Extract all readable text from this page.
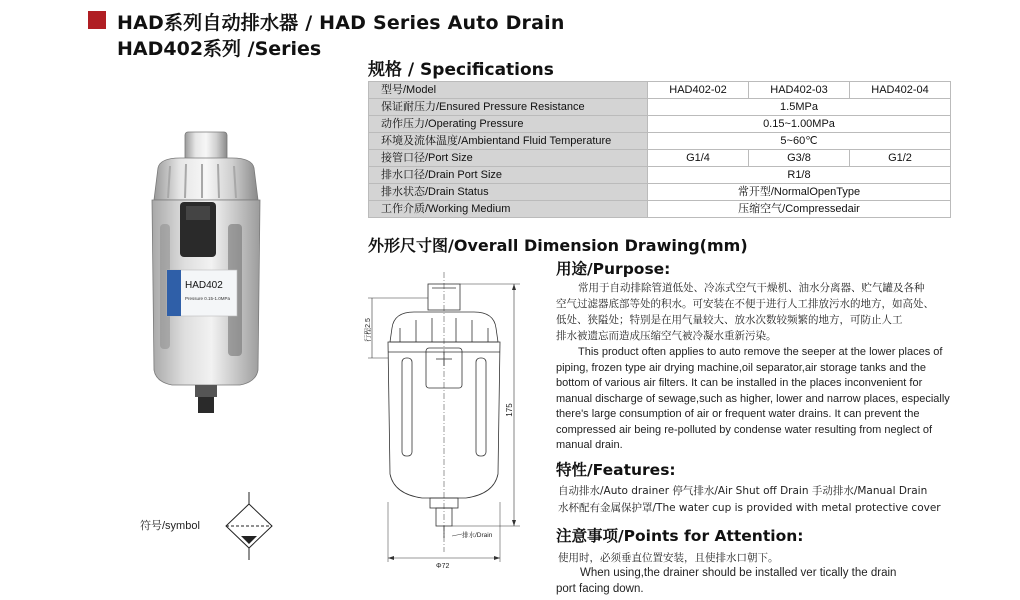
HAD系列自动排水器 / HAD Series Auto Drain
HAD402系列 /Series
HAD402
Pressure 0.15-1.0MPa
符号/symbol
规格 / Specifications
型号/Model	HAD402-02	HAD402-03	HAD402-04
保证耐压力/Ensured Pressure Resistance	1.5MPa		
动作压力/Operating Pressure	0.15~1.00MPa		
环境及流体温度/Ambientand Fluid Temperature	5~60℃		
接管口径/Port Size	G1/4	G3/8	G1/2
排水口径/Drain Port Size	R1/8		
排水状态/Drain Status	常开型/NormalOpenType		
工作介质/Working Medium	压缩空气/Compressedair		
外形尺寸图/Overall Dimension Drawing(mm)
175
行程2.5
排水/Drain
Φ72
用途/Purpose:
常用于自动排除管道低处、冷冻式空气干燥机、油水分离器、贮气罐及各种
空气过滤器底部等处的积水。可安装在不便于进行人工排放污水的地方，如高处、
低处、狭隘处；特别是在用气量较大、放水次数较频繁的地方，可防止人工
排水被遗忘而造成压缩空气被冷凝水重新污染。
This product often applies to auto remove the seeper at the lower places of
piping, frozen type air drying machine,oil separator,air storage tanks and the
bottom of various air filters. It can be installed in the places inconvenient for
manual discharge of sewage,such as higher, lower and narrow places, especially
there's large consumption of air or frequent water drains. It can prevent the
compressed air being re-polluted by condense water resulting from neglect of
manual drain.
特性/Features:
自动排水/Auto drainer 停气排水/Air Shut off Drain 手动排水/Manual Drain
水杯配有金属保护罩/The water cup is provided with metal protective cover
注意事项/Points for Attention:
使用时，必须垂直位置安装，且使排水口朝下。
When using,the drainer should be installed ver tically the drain
port facing down.
